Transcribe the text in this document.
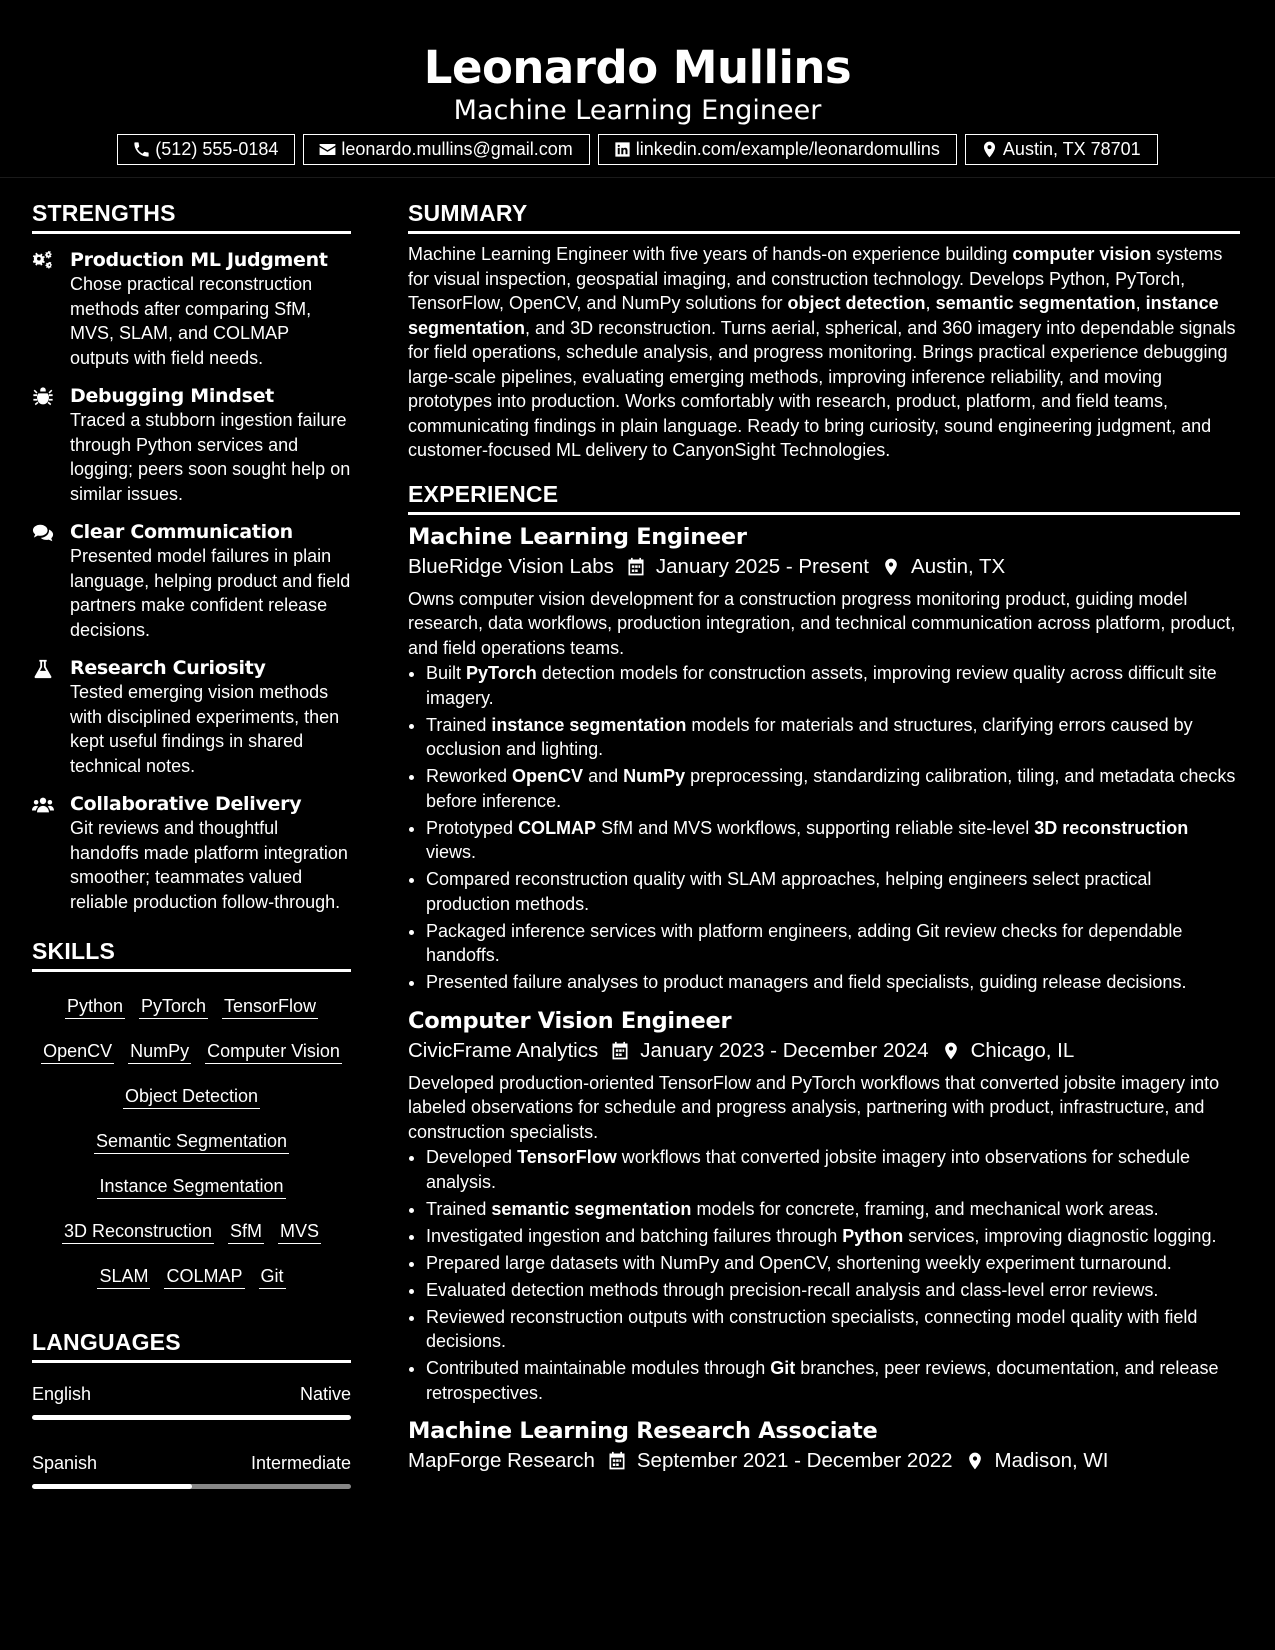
Leonardo Mullins
Machine Learning Engineer
(512) 555-0184	leonardo.mullins@gmail.com	linkedin.com/example/leonardomullins	Austin, TX 78701
STRENGTHS
Production ML Judgment
Chose practical reconstruction methods after comparing SfM, MVS, SLAM, and COLMAP outputs with field needs.
Debugging Mindset
Traced a stubborn ingestion failure through Python services and logging; peers soon sought help on similar issues.
Clear Communication
Presented model failures in plain language, helping product and field partners make confident release decisions.
Research Curiosity
Tested emerging vision methods with disciplined experiments, then kept useful findings in shared technical notes.
Collaborative Delivery
Git reviews and thoughtful handoffs made platform integration smoother; teammates valued reliable production follow-through.
SKILLS
Python PyTorch TensorFlow
OpenCV NumPy Computer Vision
Object Detection
Semantic Segmentation
Instance Segmentation
3D Reconstruction SfM MVS
SLAM COLMAP Git
LANGUAGES
English	Native
Spanish	Intermediate
SUMMARY
Machine Learning Engineer with five years of hands-on experience building computer vision systems for visual inspection, geospatial imaging, and construction technology. Develops Python, PyTorch, TensorFlow, OpenCV, and NumPy solutions for object detection, semantic segmentation, instance segmentation, and 3D reconstruction. Turns aerial, spherical, and 360 imagery into dependable signals for field operations, schedule analysis, and progress monitoring. Brings practical experience debugging large-scale pipelines, evaluating emerging methods, improving inference reliability, and moving prototypes into production. Works comfortably with research, product, platform, and field teams, communicating findings in plain language. Ready to bring curiosity, sound engineering judgment, and customer-focused ML delivery to CanyonSight Technologies.
EXPERIENCE
Machine Learning Engineer
BlueRidge Vision Labs January 2025 - Present Austin, TX
Owns computer vision development for a construction progress monitoring product, guiding model research, data workflows, production integration, and technical communication across platform, product, and field operations teams.
• Built PyTorch detection models for construction assets, improving review quality across difficult site imagery.
• Trained instance segmentation models for materials and structures, clarifying errors caused by occlusion and lighting.
• Reworked OpenCV and NumPy preprocessing, standardizing calibration, tiling, and metadata checks before inference.
• Prototyped COLMAP SfM and MVS workflows, supporting reliable site-level 3D reconstruction views.
• Compared reconstruction quality with SLAM approaches, helping engineers select practical production methods.
• Packaged inference services with platform engineers, adding Git review checks for dependable handoffs.
• Presented failure analyses to product managers and field specialists, guiding release decisions.
Computer Vision Engineer
CivicFrame Analytics January 2023 - December 2024 Chicago, IL
Developed production-oriented TensorFlow and PyTorch workflows that converted jobsite imagery into labeled observations for schedule and progress analysis, partnering with product, infrastructure, and construction specialists.
• Developed TensorFlow workflows that converted jobsite imagery into observations for schedule analysis.
• Trained semantic segmentation models for concrete, framing, and mechanical work areas.
• Investigated ingestion and batching failures through Python services, improving diagnostic logging.
• Prepared large datasets with NumPy and OpenCV, shortening weekly experiment turnaround.
• Evaluated detection methods through precision-recall analysis and class-level error reviews.
• Reviewed reconstruction outputs with construction specialists, connecting model quality with field decisions.
• Contributed maintainable modules through Git branches, peer reviews, documentation, and release retrospectives.
Machine Learning Research Associate
MapForge Research September 2021 - December 2022 Madison, WI
